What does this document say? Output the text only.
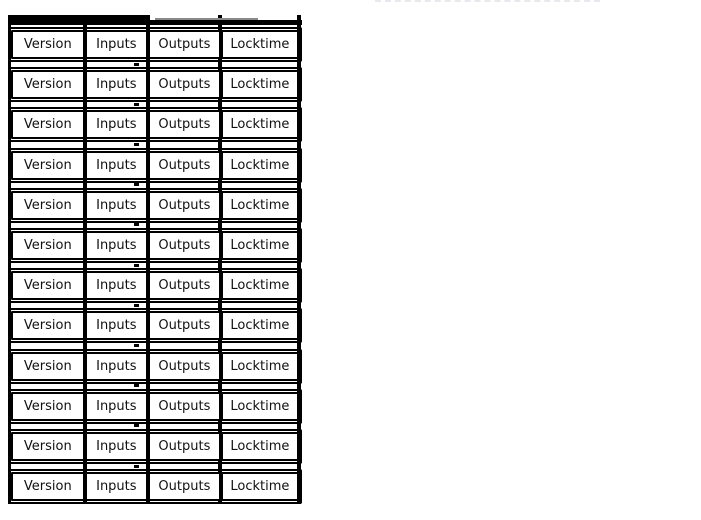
Version Inputs Outputs Locktime
Version Inputs Outputs Locktime
Version Inputs Outputs Locktime
Version Inputs Outputs Locktime
Version Inputs Outputs Locktime
Version Inputs Outputs Locktime
Version Inputs Outputs Locktime
Version Inputs Outputs Locktime
Version Inputs Outputs Locktime
Version Inputs Outputs Locktime
Version Inputs Outputs Locktime
Version Inputs Outputs Locktime
